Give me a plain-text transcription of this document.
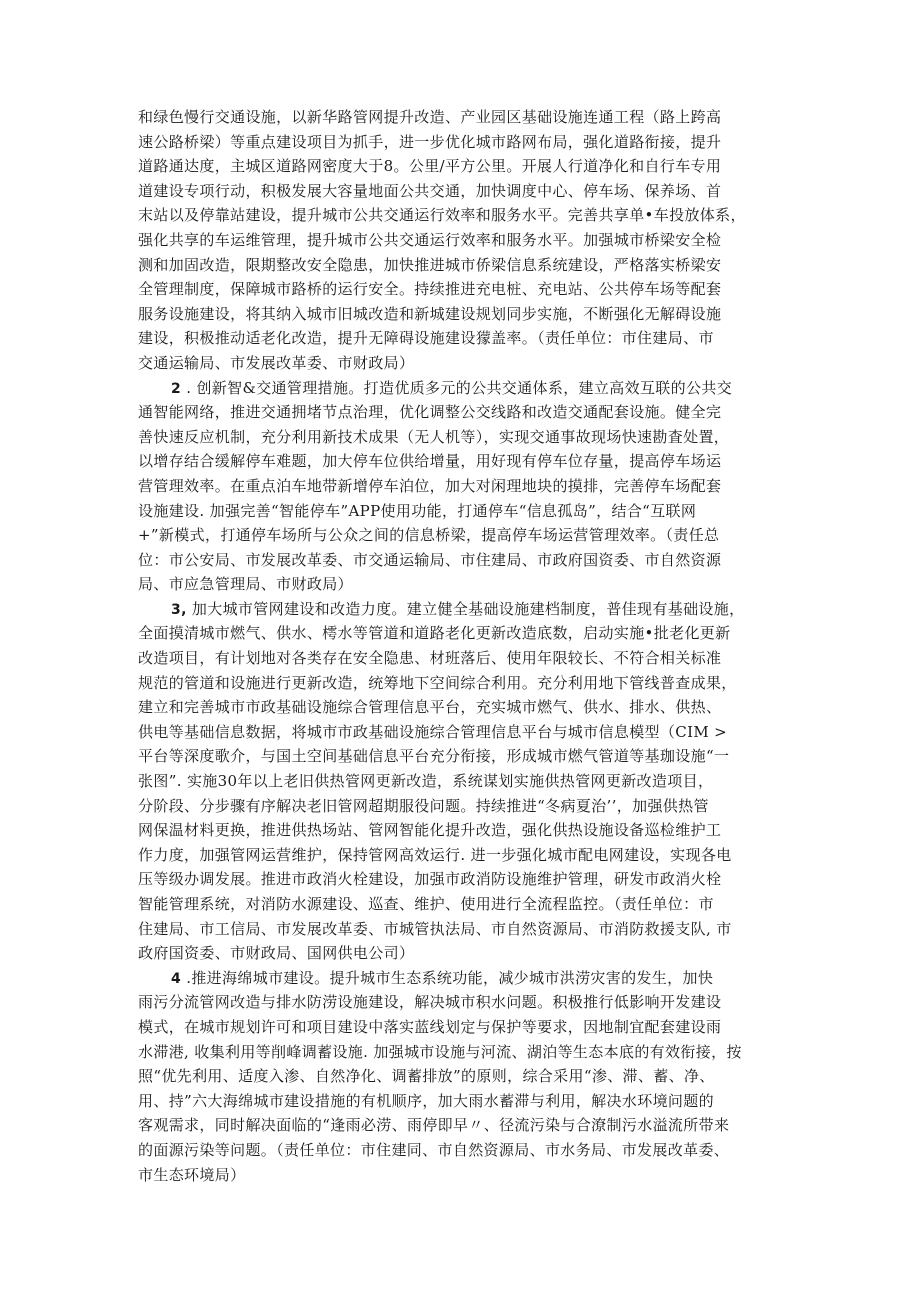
和绿色慢行交通设施，以新华路管网提升改造、产业园区基础设施连通工程（路上跨高
速公路桥梁）等重点建设项目为抓手，进一步优化城市路网布局，强化道路衔接，提升
道路通达度，主城区道路网密度大于8。公里/平方公里。开展人行道净化和自行车专用
道建设专项行动，积极发展大容量地面公共交通，加快调度中心、停车场、保养场、首
末站以及停靠站建设，提升城市公共交通运行效率和服务水平。完善共享单•车投放体系，
强化共享的车运维管理，提升城市公共交通运行效率和服务水平。加强城市桥梁安全检
测和加固改造，限期整改安全隐患，加快推进城市侨梁信息系统建设，严格落实桥梁安
全管理制度，保障城市路桥的运行安全。持续推进充电桩、充电站、公共停车场等配套
服务设施建设，将其纳入城市旧城改造和新城建设规划同步实施，不断强化无解碍设施
建设，积极推动适老化改造，提升无障碍设施建设獴盖率。（责任单位：市住建局、市
交通运输局、市发展改革委、市财政局）
2 . 创新智&交通管理措施。打造优质多元的公共交通体系，建立高效互联的公共交
通智能网络，推进交通拥堵节点治理，优化调整公交线路和改造交通配套设施。健全完
善快速反应机制，充分利用新技术成果（无人机等），实现交通事故现场快速勘査处置，
以增存结合缓解停车难题，加大停车位供给增量，用好现有停车位存量，提高停车场运
营管理效率。在重点泊车地带新增停车泊位，加大对闲理地块的摸排，完善停车场配套
设施建设. 加强完善“智能停车”APP使用功能，打通停车“信息孤岛”，结合“互联网
+”新模式，打通停车场所与公众之间的信息桥梁，提高停车场运营管理效率。（责任总
位：市公安局、市发展改革委、市交通运输局、市住建局、市政府国资委、市自然资源
局、市应急管理局、市财政局）
3, 加大城市管网建设和改造力度。建立健全基础设施建档制度，普佳现有基础设施，
全面摸清城市燃气、供水、樗水等管道和道路老化更新改造底数，启动实施•批老化更新
改造项目，有计划地对各类存在安全隐患、材班落后、使用年限较长、不符合相关标准
规范的管道和设施进行更新改造，统筹地下空间综合利用。充分利用地下管线普查成果，
建立和完善城市市政基础设施综合管理信息平台，充实城市燃气、供水、排水、供热、
供电等基础信息数据，将城市市政基础设施综合管理信息平台与城市信息模型（CIM >
平台等深度歌介，与国土空间基础信息平台充分衔接，形成城市燃气管道等基珈设施“一
张图”. 实施30年以上老旧供热管网更新改造，系统谋划实施供热管网更新改造项目，
分阶段、分步骤有序解决老旧管网超期服役问题。持续推进“冬病夏治’’，加强供热管
网保温材料更换，推进供热场站、管网智能化提升改造，强化供热设施设备巡检维护工
作力度，加强管网运营维护，保持管网高效运行. 进一步强化城市配电网建设，实现各电
压等级办调发展。推进市政消火栓建设，加强市政消防设施维护管理，研发市政消火栓
智能管理系统，对消防水源建设、巡查、维护、使用进行全流程监控。（责任单位：市
住建局、市工信局、市发展改革委、市城管执法局、市自然资源局、市消防救援支队, 市
政府国资委、市财政局、国网供电公司）
4 .推进海绵城市建设。提升城市生态系统功能，减少城市洪涝灾害的发生，加快
雨污分流管网改造与排水防涝设施建设，解决城市积水问题。积极推行低影响开发建设
模式，在城市规划许可和项目建设中落实蓝线划定与保护等要求，因地制宜配套建设雨
水滞港, 收集利用等削峰调蓄设施. 加强城市设施与河流、湖泊等生态本底的有效衔接，按
照“优先利用、适度入渗、自然净化、调蓄排放”的原则，综合采用“渗、滞、蓄、净、
用、持”六大海绵城市建设措施的有机顺序，加大雨水蓄滞与利用，解决水环境问题的
客观需求，同时解决面临的“逢雨必涝、雨停即早〃、径流污染与合潦制污水溢流所带来
的面源污染等问题。（责任单位：市住建同、市自然资源局、市水务局、市发展改革委、
市生态环境局）
